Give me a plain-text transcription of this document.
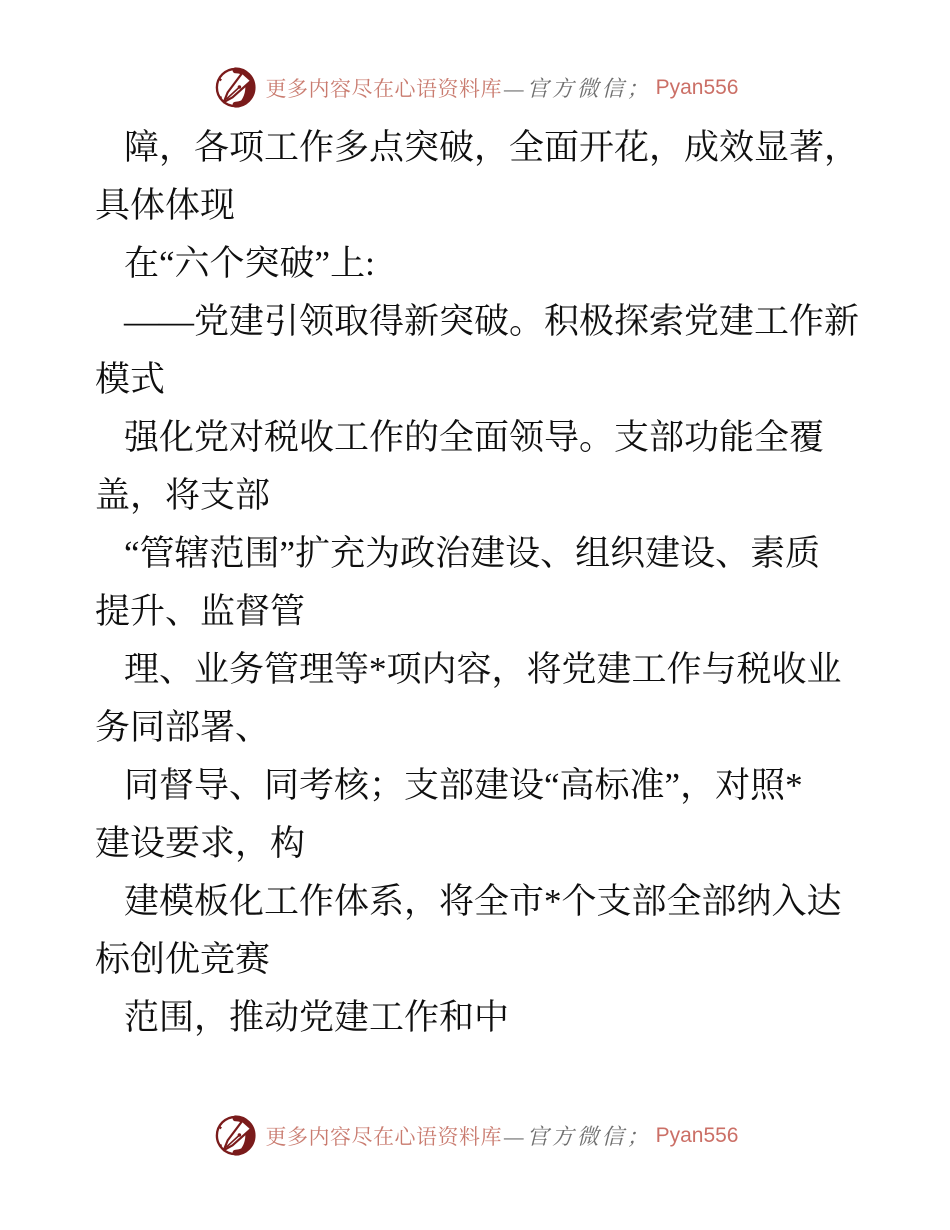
更多内容尽在心语资料库 —官方微信； Pyan556
障，各项工作多点突破，全面开花，成效显著，
具体体现
在“六个突破”上:
——党建引领取得新突破。积极探索党建工作新
模式
强化党对税收工作的全面领导。支部功能全覆
盖，将支部
“管辖范围”扩充为政治建设、组织建设、素质
提升、监督管
理、业务管理等*项内容，将党建工作与税收业
务同部署、
同督导、同考核；支部建设“高标准”，对照*
建设要求，构
建模板化工作体系，将全市*个支部全部纳入达
标创优竞赛
范围，推动党建工作和中
更多内容尽在心语资料库 —官方微信； Pyan556
